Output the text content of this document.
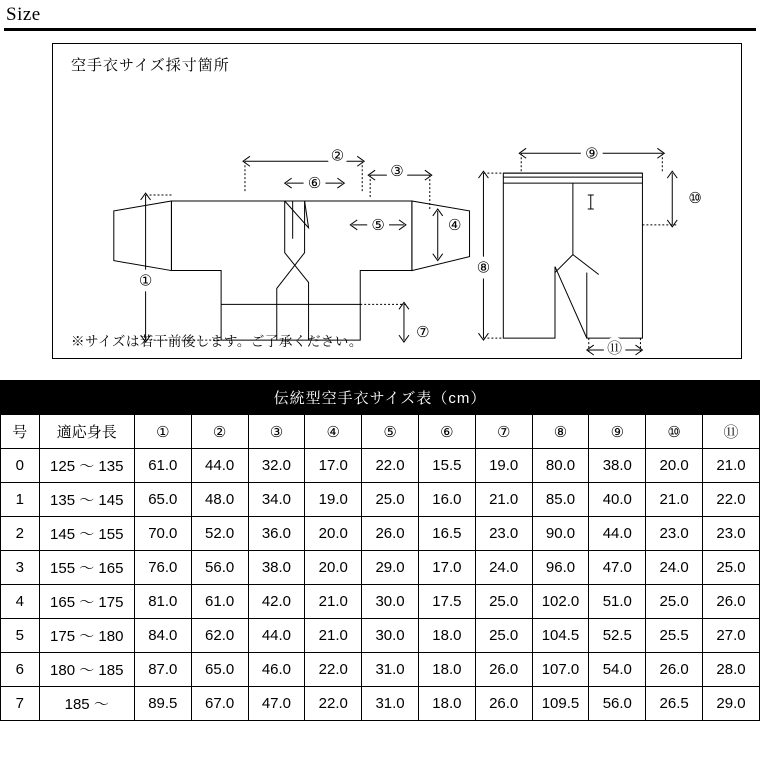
Size
空手衣サイズ採寸箇所
①
②
③
④
⑤
⑥
⑦
⑧
⑨
⑩
⑪
※サイズは若干前後します。ご了承ください。
伝統型空手衣サイズ表（cm）												
号	適応身長	①	②	③	④	⑤	⑥	⑦	⑧	⑨	⑩	⑪
0	125 〜 135	61.0	44.0	32.0	17.0	22.0	15.5	19.0	80.0	38.0	20.0	21.0
1	135 〜 145	65.0	48.0	34.0	19.0	25.0	16.0	21.0	85.0	40.0	21.0	22.0
2	145 〜 155	70.0	52.0	36.0	20.0	26.0	16.5	23.0	90.0	44.0	23.0	23.0
3	155 〜 165	76.0	56.0	38.0	20.0	29.0	17.0	24.0	96.0	47.0	24.0	25.0
4	165 〜 175	81.0	61.0	42.0	21.0	30.0	17.5	25.0	102.0	51.0	25.0	26.0
5	175 〜 180	84.0	62.0	44.0	21.0	30.0	18.0	25.0	104.5	52.5	25.5	27.0
6	180 〜 185	87.0	65.0	46.0	22.0	31.0	18.0	26.0	107.0	54.0	26.0	28.0
7	185 〜	89.5	67.0	47.0	22.0	31.0	18.0	26.0	109.5	56.0	26.5	29.0
